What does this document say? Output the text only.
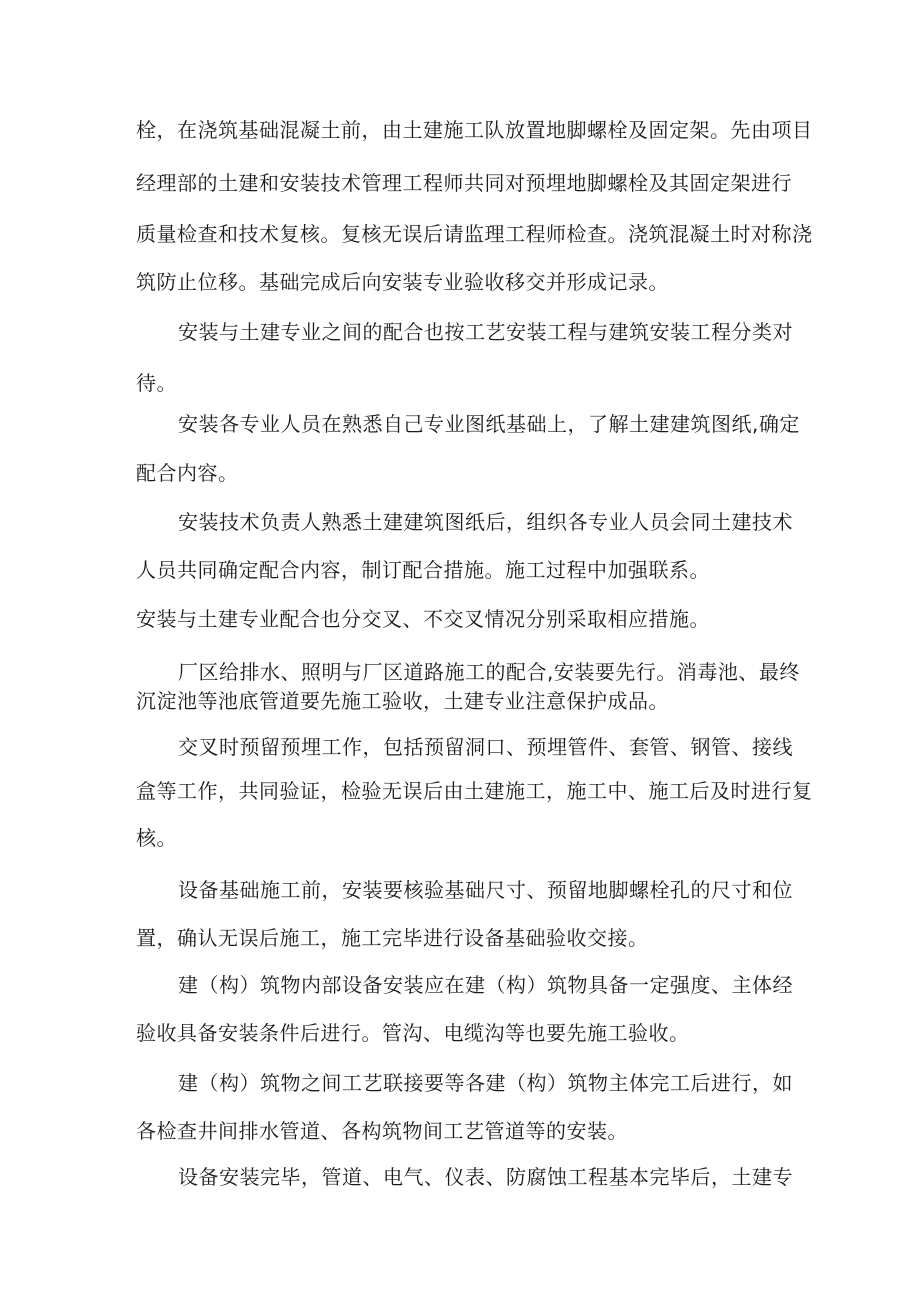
栓，在浇筑基础混凝土前，由土建施工队放置地脚螺栓及固定架。先由项目
经理部的土建和安装技术管理工程师共同对预埋地脚螺栓及其固定架进行
质量检查和技术复核。复核无误后请监理工程师检查。浇筑混凝土时对称浇
筑防止位移。基础完成后向安装专业验收移交并形成记录。
安装与土建专业之间的配合也按工艺安装工程与建筑安装工程分类对
待。
安装各专业人员在熟悉自己专业图纸基础上，了解土建建筑图纸,确定
配合内容。
安装技术负责人熟悉土建建筑图纸后，组织各专业人员会同土建技术
人员共同确定配合内容，制订配合措施。施工过程中加强联系。
安装与土建专业配合也分交叉、不交叉情况分别采取相应措施。
厂区给排水、照明与厂区道路施工的配合,安装要先行。消毒池、最终
沉淀池等池底管道要先施工验收，土建专业注意保护成品。
交叉时预留预埋工作，包括预留洞口、预埋管件、套管、钢管、接线
盒等工作，共同验证，检验无误后由土建施工，施工中、施工后及时进行复
核。
设备基础施工前，安装要核验基础尺寸、预留地脚螺栓孔的尺寸和位
置，确认无误后施工，施工完毕进行设备基础验收交接。
建（构）筑物内部设备安装应在建（构）筑物具备一定强度、主体经
验收具备安装条件后进行。管沟、电缆沟等也要先施工验收。
建（构）筑物之间工艺联接要等各建（构）筑物主体完工后进行，如
各检查井间排水管道、各构筑物间工艺管道等的安装。
设备安装完毕，管道、电气、仪表、防腐蚀工程基本完毕后，土建专
